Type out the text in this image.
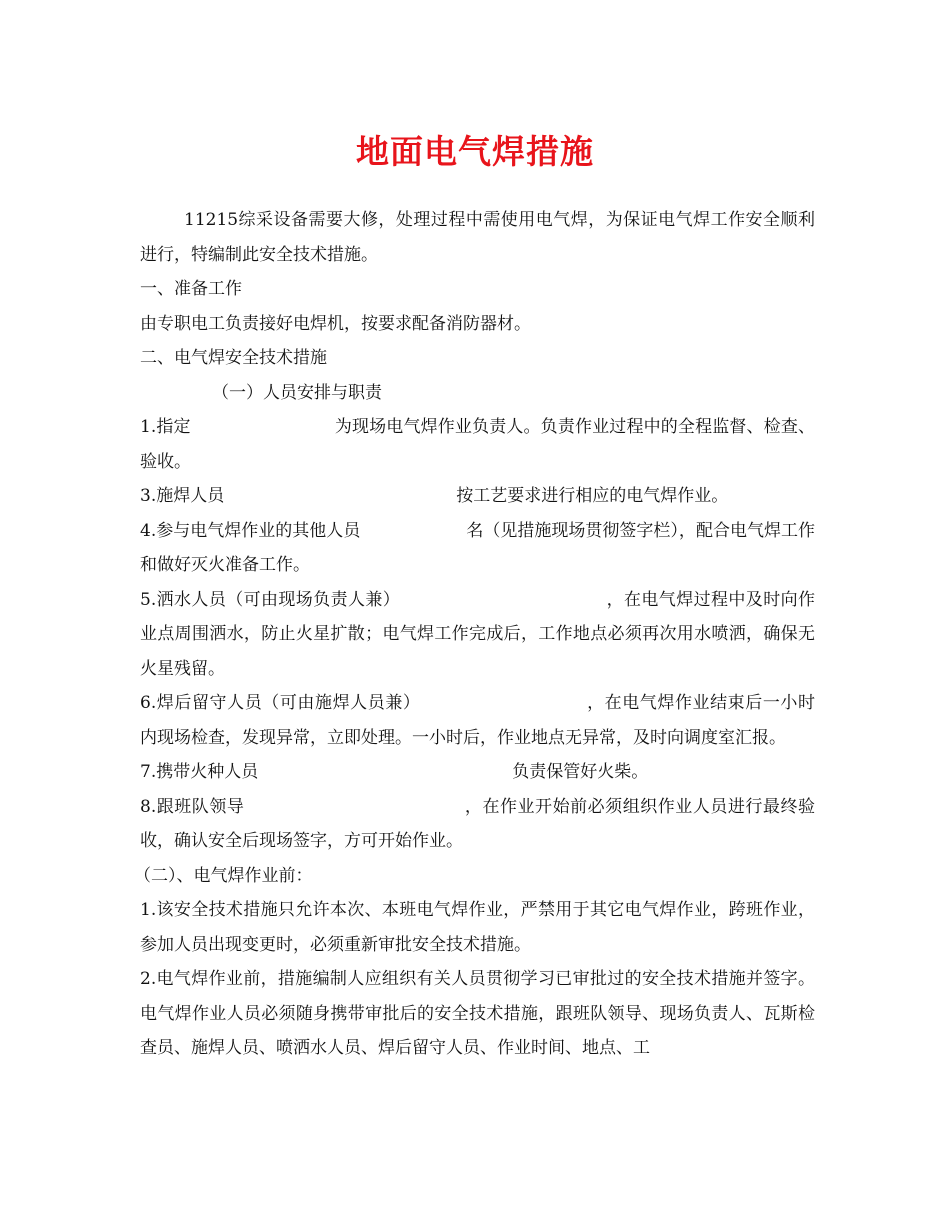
地面电气焊措施

11215综采设备需要大修，处理过程中需使用电气焊，为保证电气焊工作安全顺利进行，特编制此安全技术措施。

一、准备工作

由专职电工负责接好电焊机，按要求配备消防器材。

二、电气焊安全技术措施

（一）人员安排与职责

1.指定	为现场电气焊作业负责人。负责作业过程中的全程监督、检查、验收。

3.施焊人员	按工艺要求进行相应的电气焊作业。

4.参与电气焊作业的其他人员	名（见措施现场贯彻签字栏），配合电气焊工作和做好灭火准备工作。

5.洒水人员（可由现场负责人兼）	，在电气焊过程中及时向作业点周围洒水，防止火星扩散；电气焊工作完成后，工作地点必须再次用水喷洒，确保无火星残留。

6.焊后留守人员（可由施焊人员兼）	，在电气焊作业结束后一小时内现场检查，发现异常，立即处理。一小时后，作业地点无异常，及时向调度室汇报。

7.携带火种人员	负责保管好火柴。

8.跟班队领导	，在作业开始前必须组织作业人员进行最终验收，确认安全后现场签字，方可开始作业。

（二）、电气焊作业前：

1.该安全技术措施只允许本次、本班电气焊作业，严禁用于其它电气焊作业，跨班作业，参加人员出现变更时，必须重新审批安全技术措施。

2.电气焊作业前，措施编制人应组织有关人员贯彻学习已审批过的安全技术措施并签字。电气焊作业人员必须随身携带审批后的安全技术措施，跟班队领导、现场负责人、瓦斯检查员、施焊人员、喷洒水人员、焊后留守人员、作业时间、地点、工
